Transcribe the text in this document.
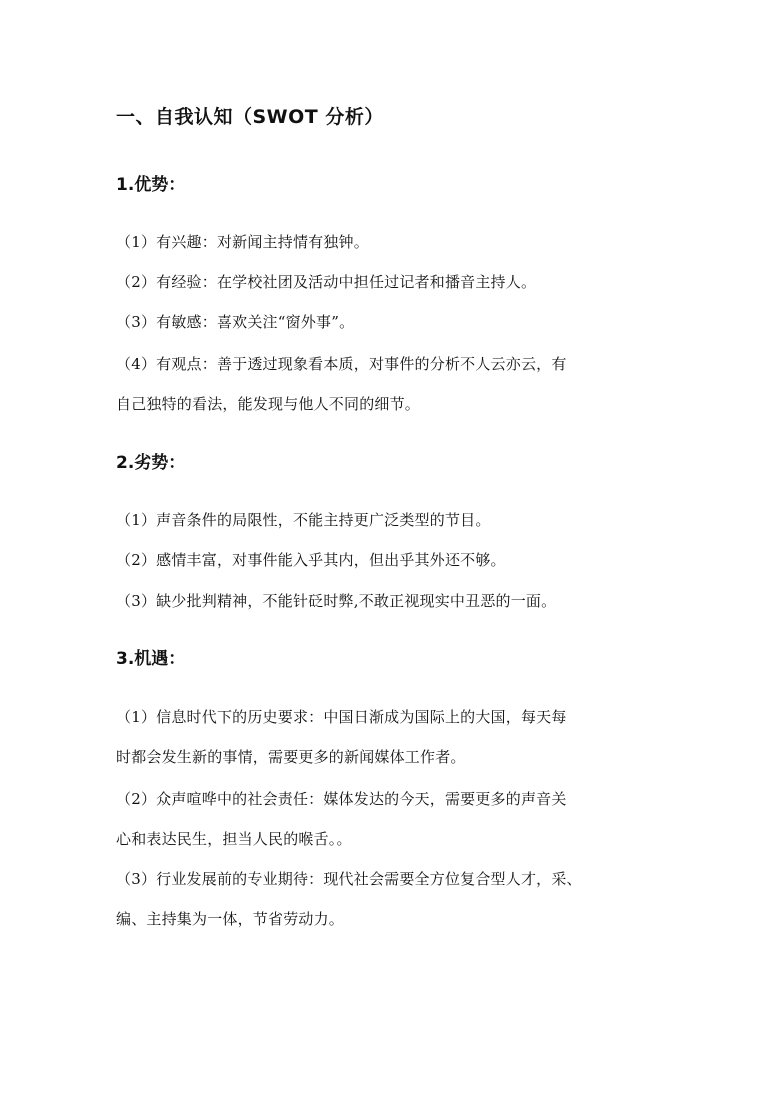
一、自我认知（SWOT 分析）
1.优势：
（1）有兴趣：对新闻主持情有独钟。
（2）有经验：在学校社团及活动中担任过记者和播音主持人。
（3）有敏感：喜欢关注“窗外事”。
（4）有观点：善于透过现象看本质，对事件的分析不人云亦云，有
自己独特的看法，能发现与他人不同的细节。
2.劣势：
（1）声音条件的局限性，不能主持更广泛类型的节目。
（2）感情丰富，对事件能入乎其内，但出乎其外还不够。
（3）缺少批判精神，不能针砭时弊,不敢正视现实中丑恶的一面。
3.机遇：
（1）信息时代下的历史要求：中国日渐成为国际上的大国，每天每
时都会发生新的事情，需要更多的新闻媒体工作者。
（2）众声喧哗中的社会责任：媒体发达的今天，需要更多的声音关
心和表达民生，担当人民的喉舌。。
（3）行业发展前的专业期待：现代社会需要全方位复合型人才，采、
编、主持集为一体，节省劳动力。
